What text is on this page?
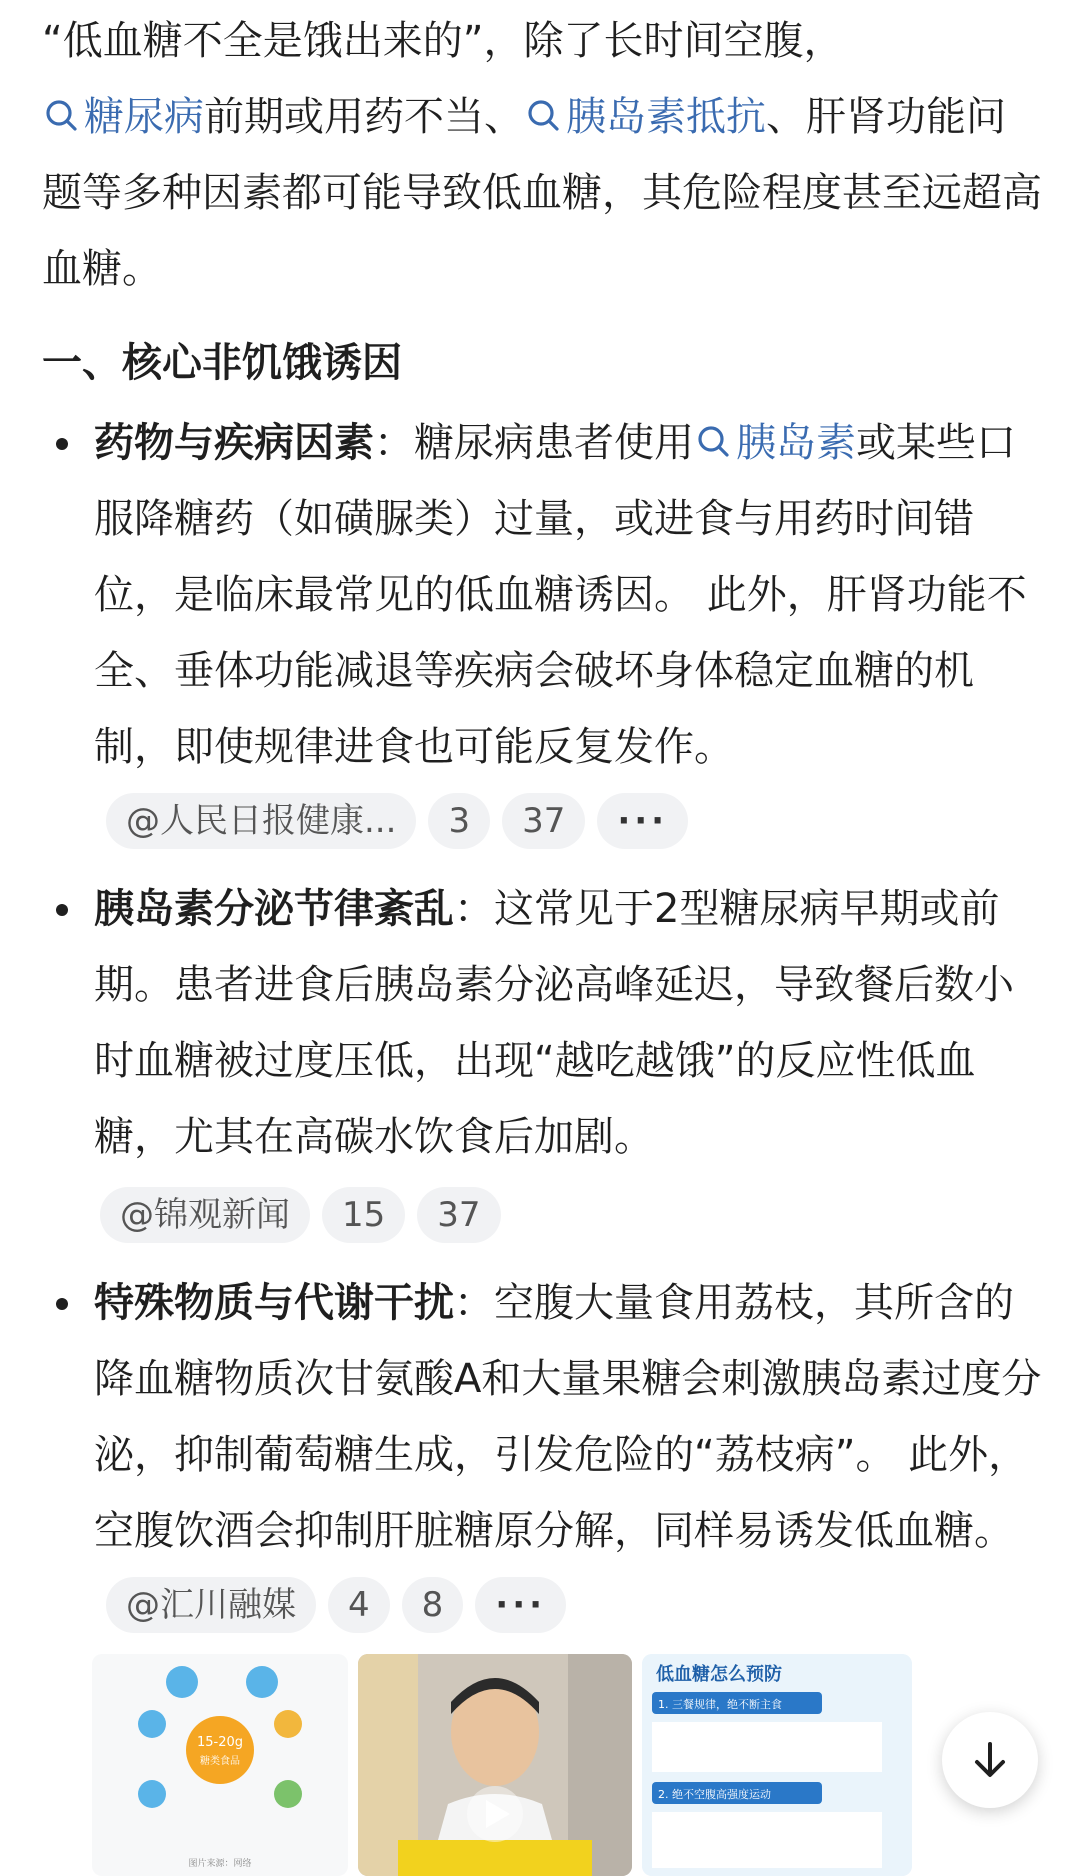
“低血糖不全是饿出来的”，除了长时间空腹，
糖尿病前期或用药不当、 胰岛素抵抗、肝肾功能问题等多种因素都可能导致低血糖，其危险程度甚至远超高血糖。

一、核心非饥饿诱因
药物与疾病因素：糖尿病患者使用 胰岛素或某些口服降糖药（如磺脲类）过量，或进食与用药时间错位，是临床最常见的低血糖诱因。 此外，肝肾功能不全、垂体功能减退等疾病会破坏身体稳定血糖的机制，即使规律进食也可能反复发作。@人民日报健康... 3 37 ···
胰岛素分泌节律紊乱：这常见于2型糖尿病早期或前期。患者进食后胰岛素分泌高峰延迟，导致餐后数小时血糖被过度压低，出现“越吃越饿”的反应性低血糖，尤其在高碳水饮食后加剧。
@锦观新闻 15 37
特殊物质与代谢干扰：空腹大量食用荔枝，其所含的降血糖物质次甘氨酸A和大量果糖会刺激胰岛素过度分泌，抑制葡萄糖生成，引发危险的“荔枝病”。 此外，空腹饮酒会抑制肝脏糖原分解，同样易诱发低血糖。@汇川融媒 4 8 ···
15-20g
糖类食品
图片来源：网络
低血糖怎么预防
1. 三餐规律，绝不断主食
2. 绝不空腹高强度运动
